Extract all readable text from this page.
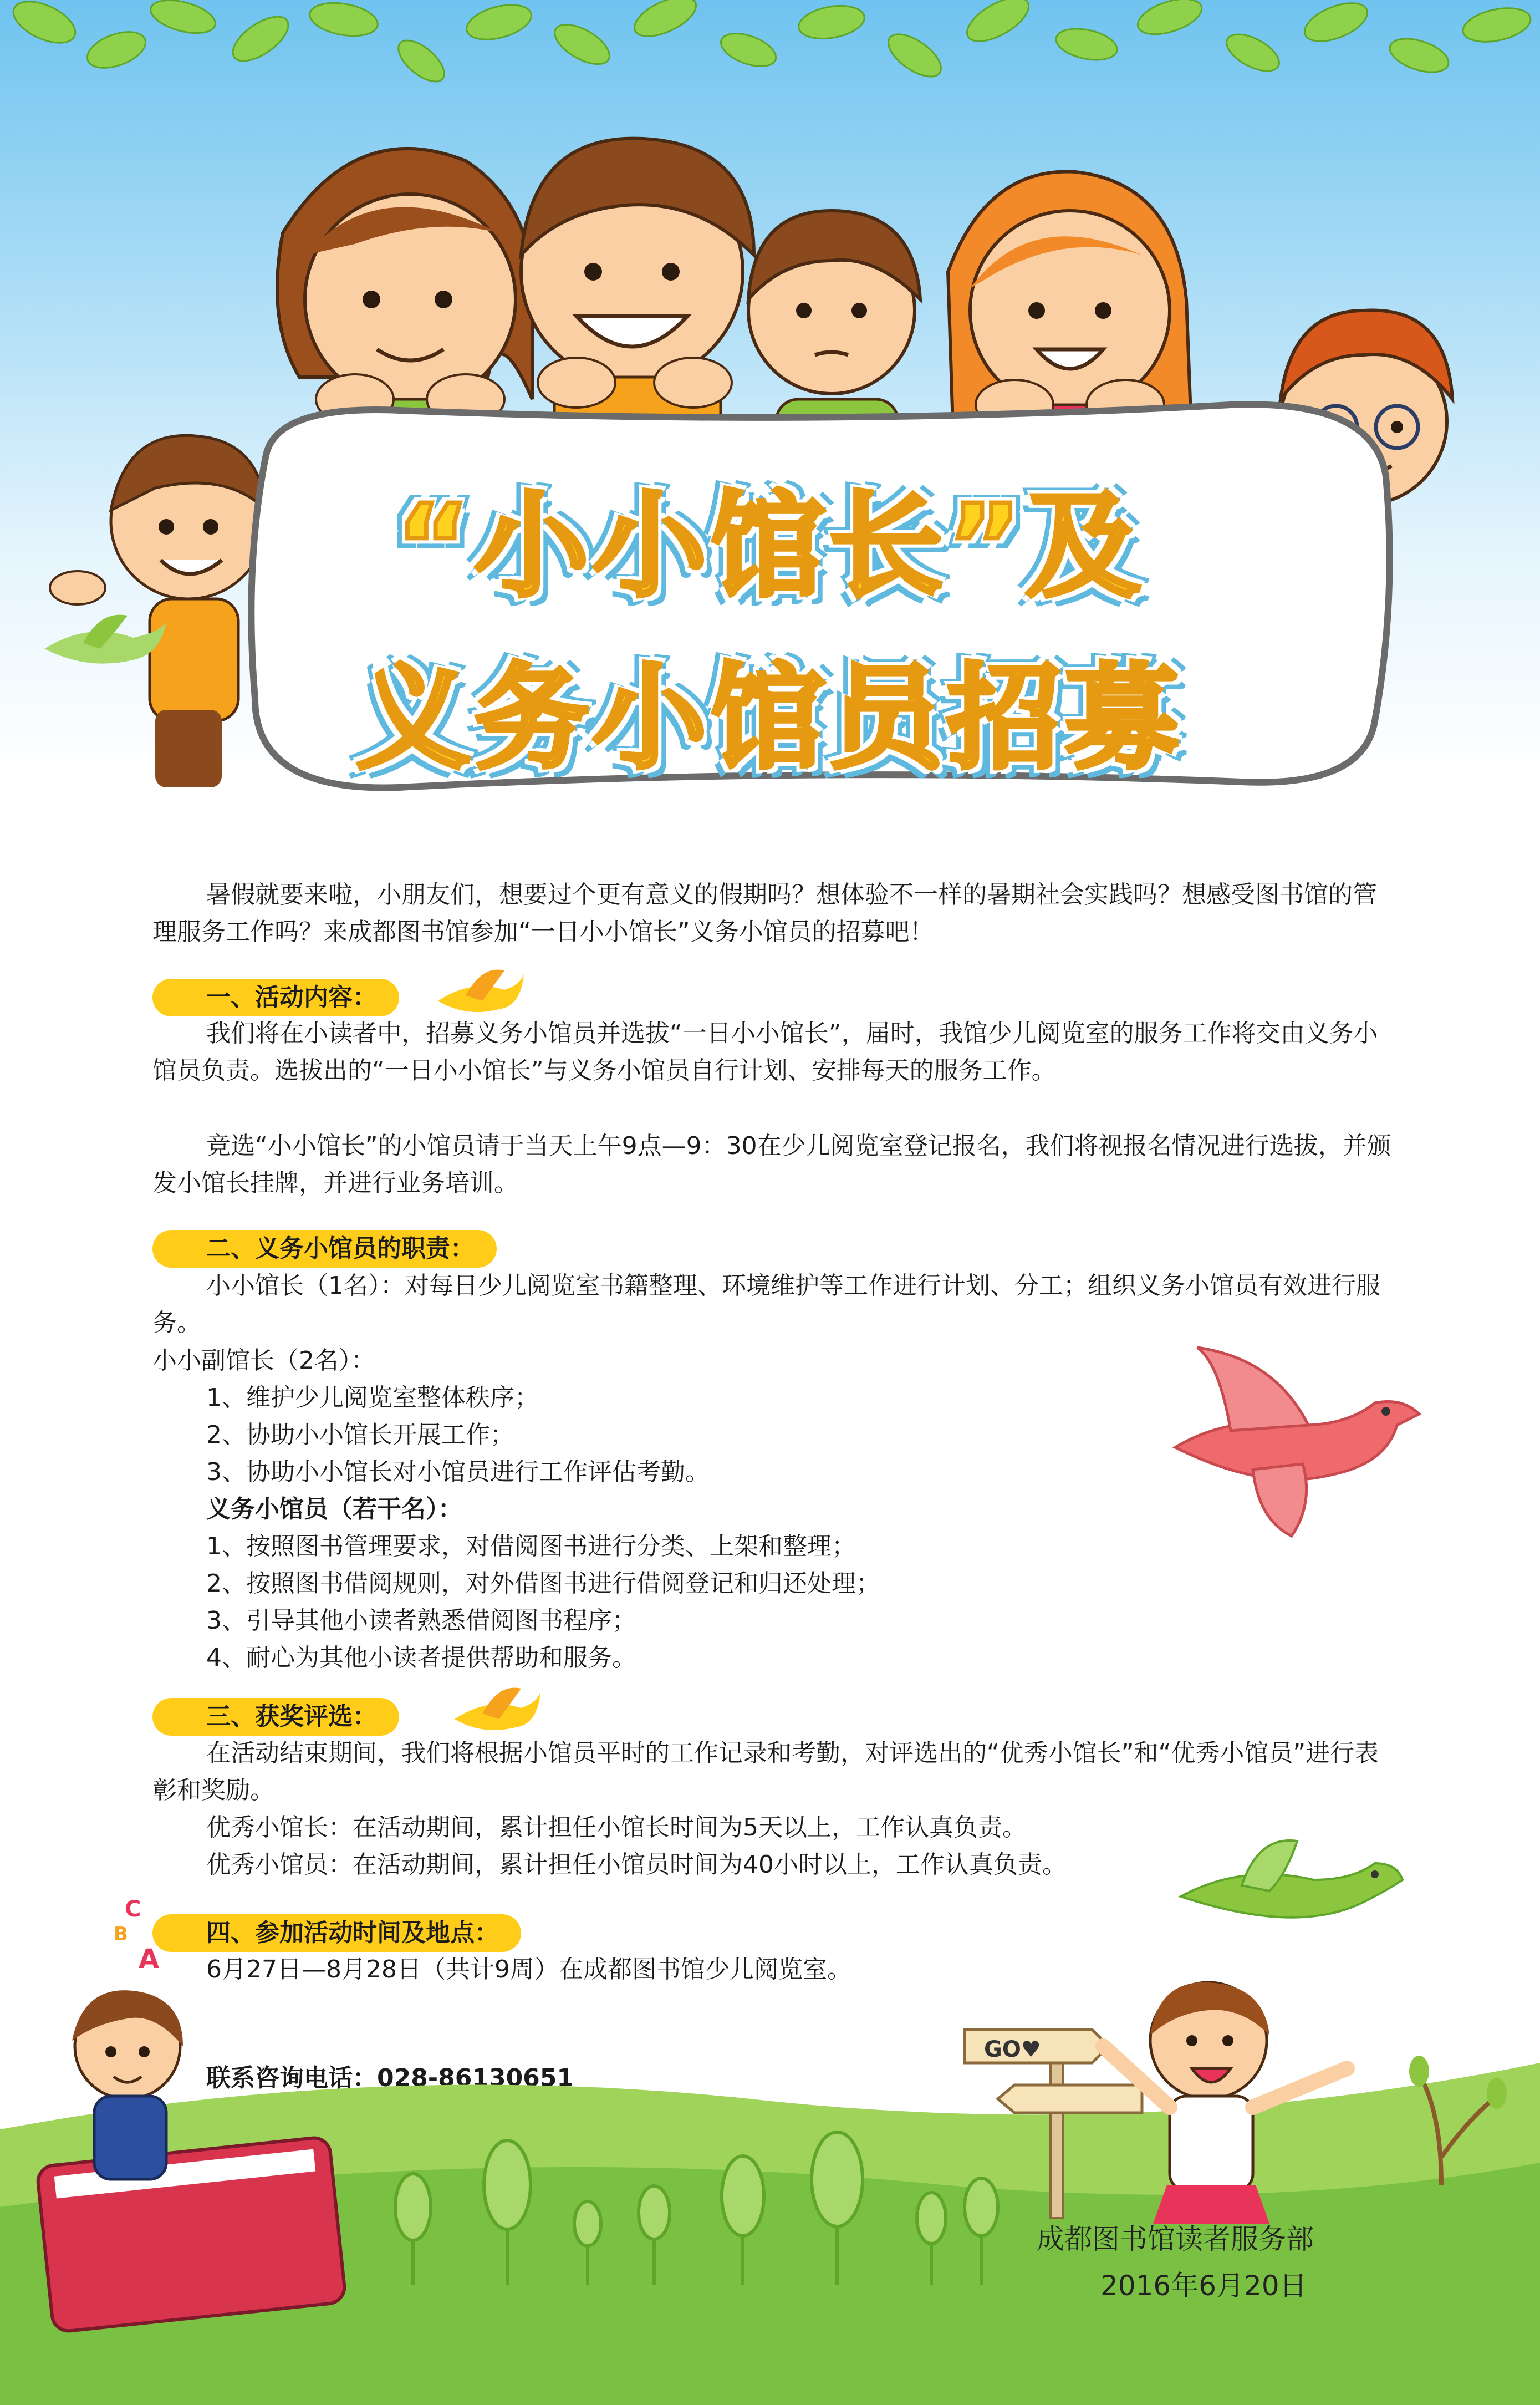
“小小馆长”及
义务小馆员招募
暑假就要来啦，小朋友们，想要过个更有意义的假期吗？想体验不一样的暑期社会实践吗？想感受图书馆的管理服务工作吗？来成都图书馆参加“一日小小馆长”义务小馆员的招募吧！
一、活动内容：
我们将在小读者中，招募义务小馆员并选拔“一日小小馆长”，届时，我馆少儿阅览室的服务工作将交由义务小馆员负责。选拔出的“一日小小馆长”与义务小馆员自行计划、安排每天的服务工作。
竞选“小小馆长”的小馆员请于当天上午9点—9：30在少儿阅览室登记报名，我们将视报名情况进行选拔，并颁发小馆长挂牌，并进行业务培训。
二、义务小馆员的职责：
小小馆长（1名）：对每日少儿阅览室书籍整理、环境维护等工作进行计划、分工；组织义务小馆员有效进行服务。
小小副馆长（2名）：
1、维护少儿阅览室整体秩序；
2、协助小小馆长开展工作；
3、协助小小馆长对小馆员进行工作评估考勤。
义务小馆员（若干名）：
1、按照图书管理要求，对借阅图书进行分类、上架和整理；
2、按照图书借阅规则，对外借图书进行借阅登记和归还处理；
3、引导其他小读者熟悉借阅图书程序；
4、耐心为其他小读者提供帮助和服务。
三、获奖评选：
在活动结束期间，我们将根据小馆员平时的工作记录和考勤，对评选出的“优秀小馆长”和“优秀小馆员”进行表彰和奖励。
优秀小馆长：在活动期间，累计担任小馆长时间为5天以上，工作认真负责。
优秀小馆员：在活动期间，累计担任小馆员时间为40小时以上，工作认真负责。
四、参加活动时间及地点：
C
A
B
6月27日—8月28日（共计9周）在成都图书馆少儿阅览室。
联系咨询电话：028-86130651
GO♥
成都图书馆读者服务部
2016年6月20日
